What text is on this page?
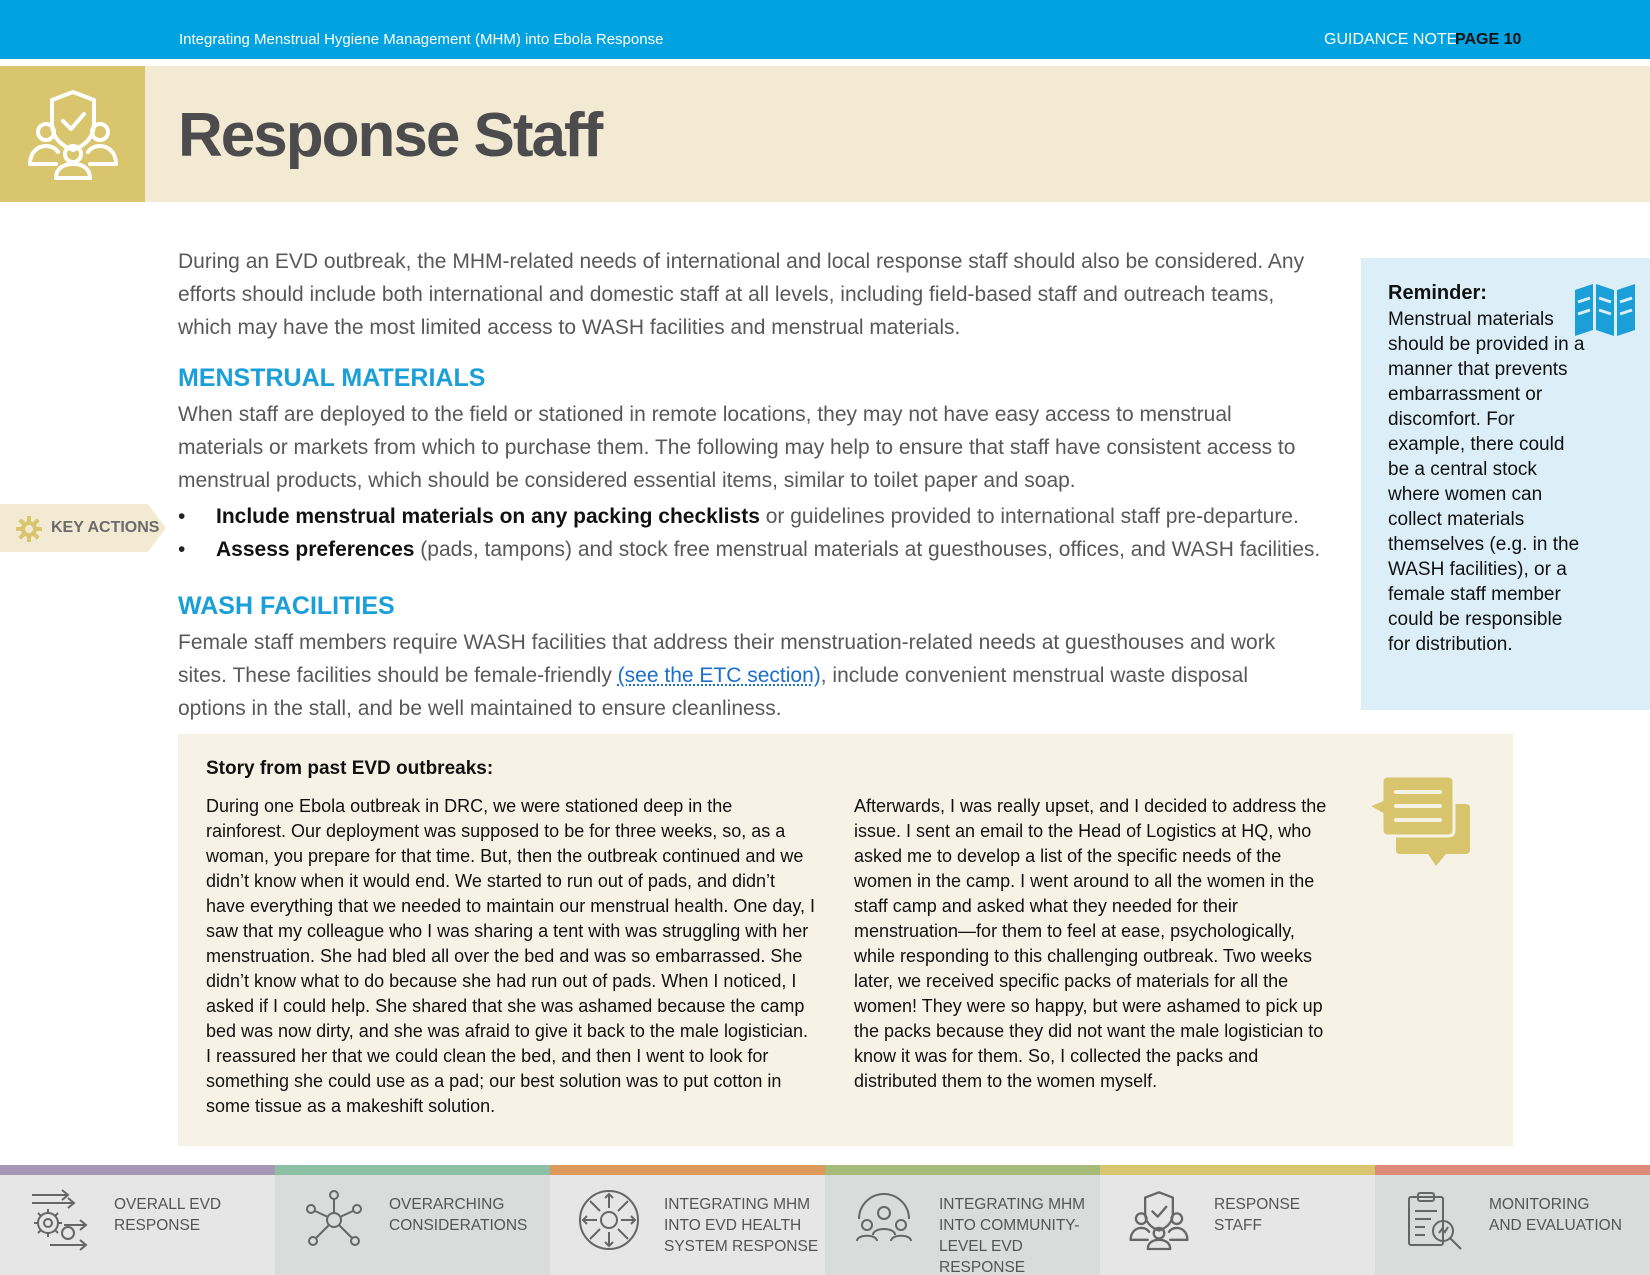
Integrating Menstrual Hygiene Management (MHM) into Ebola Response	GUIDANCE NOTE
PAGE 10
Response Staff

During an EVD outbreak, the MHM-related needs of international and local response staff should also be considered. Any efforts should include both international and domestic staff at all levels, including field-based staff and outreach teams, which may have the most limited access to WASH facilities and menstrual materials.

MENSTRUAL MATERIALS

When staff are deployed to the field or stationed in remote locations, they may not have easy access to menstrual materials or markets from which to purchase them. The following may help to ensure that staff have consistent access to menstrual products, which should be considered essential items, similar to toilet paper and soap.

KEY ACTIONS
•	Include menstrual materials on any packing checklists or guidelines provided to international staff pre-departure.
• Assess preferences (pads, tampons) and stock free menstrual materials at guesthouses, offices, and WASH facilities.
WASH FACILITIES

Female staff members require WASH facilities that address their menstruation-related needs at guesthouses and work sites. These facilities should be female-friendly (see the ETC section), include convenient menstrual waste disposal options in the stall, and be well maintained to ensure cleanliness.

Reminder:
Menstrual materials should be provided in a manner that prevents embarrassment or discomfort. For example, there could be a central stock where women can collect materials themselves (e.g. in the WASH facilities), or a female staff member could be responsible for distribution.
Story from past EVD outbreaks:
During one Ebola outbreak in DRC, we were stationed deep in the rainforest. Our deployment was supposed to be for three weeks, so, as a woman, you prepare for that time. But, then the outbreak continued and we didn’t know when it would end. We started to run out of pads, and didn’t have everything that we needed to maintain our menstrual health. One day, I saw that my colleague who I was sharing a tent with was struggling with her menstruation. She had bled all over the bed and was so embarrassed. She didn’t know what to do because she had run out of pads. When I noticed, I asked if I could help. She shared that she was ashamed because the camp bed was now dirty, and she was afraid to give it back to the male logistician. I reassured her that we could clean the bed, and then I went to look for something she could use as a pad; our best solution was to put cotton in some tissue as a makeshift solution.
Afterwards, I was really upset, and I decided to address the issue. I sent an email to the Head of Logistics at HQ, who asked me to develop a list of the specific needs of the women in the camp. I went around to all the women in the staff camp and asked what they needed for their menstruation—for them to feel at ease, psychologically, while responding to this challenging outbreak. Two weeks later, we received specific packs of materials for all the women! They were so happy, but were ashamed to pick up the packs because they did not want the male logistician to know it was for them. So, I collected the packs and distributed them to the women myself.
OVERALL EVD
RESPONSE
OVERARCHING
CONSIDERATIONS
INTEGRATING MHM
INTO EVD HEALTH
SYSTEM RESPONSE
INTEGRATING MHM
INTO COMMUNITY-
LEVEL EVD RESPONSE
RESPONSE
STAFF
MONITORING
AND EVALUATION
